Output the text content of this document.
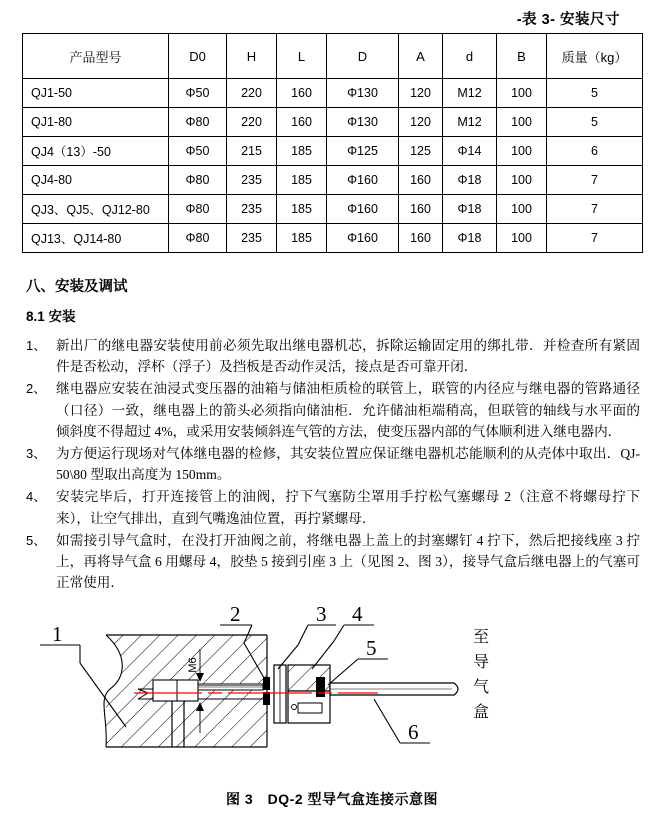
-表 3- 安装尺寸
产品型号	D0	H	L	D	A	d	B	质量（kg）
QJ1-50	Φ50	220	160	Φ130	120	M12	100	5
QJ1-80	Φ80	220	160	Φ130	120	M12	100	5
QJ4（13）-50	Φ50	215	185	Φ125	125	Φ14	100	6
QJ4-80	Φ80	235	185	Φ160	160	Φ18	100	7
QJ3、QJ5、QJ12-80	Φ80	235	185	Φ160	160	Φ18	100	7
QJ13、QJ14-80	Φ80	235	185	Φ160	160	Φ18	100	7
八、安装及调试
8.1 安装
1、 新出厂的继电器安装使用前必须先取出继电器机芯，拆除运输固定用的绑扎带．并检查所有紧固件是否松动，浮杯（浮子）及挡板是否动作灵活，接点是否可靠开闭．
2、 继电器应安装在油浸式变压器的油箱与储油柜质检的联管上，联管的内径应与继电器的管路通径（口径）一致，继电器上的箭头必须指向储油柜．允许储油柜端稍高，但联管的轴线与水平面的倾斜度不得超过 4%，或采用安装倾斜连气管的方法，使变压器内部的气体顺利进入继电器内．
3、 为方便运行现场对气体继电器的检修，其安装位置应保证继电器机芯能顺利的从壳体中取出．QJ-50\80 型取出高度为 150mm。
4、 安装完毕后，打开连接管上的油阀，拧下气塞防尘罩用手拧松气塞螺母 2（注意不将螺母拧下来），让空气排出，直到气嘴逸油位置，再拧紧螺母．
5、 如需接引导气盒时，在没打开油阀之前，将继电器上盖上的封塞螺钉 4 拧下，然后把接线座 3 拧上，再将导气盒 6 用螺母 4，胶垫 5 接到引座 3 上（见图 2、图 3），接导气盒后继电器上的气塞可正常使用．
M6
1
2	3 4
5
6
至
导
气
盒
图 3　DQ-2 型导气盒连接示意图
